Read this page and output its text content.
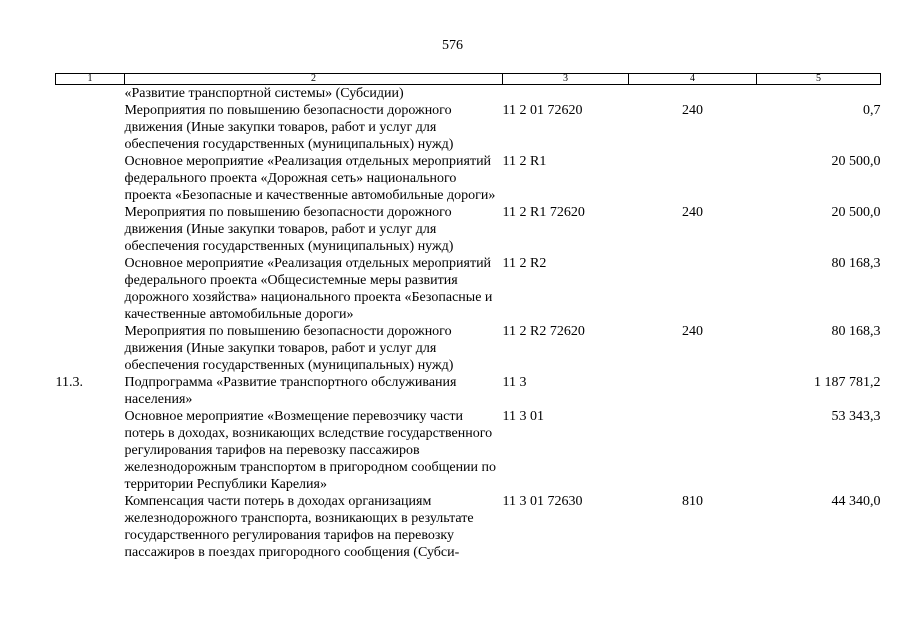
576
1	2	3	4	5
	«Развитие транспортной системы» (Субсидии)			
	Мероприятия по повышению безопасности дорожного движения (Иные закупки товаров, работ и услуг для обеспечения государственных (муниципальных) нужд)	11 2 01 72620	240	0,7
	Основное мероприятие «Реализация отдельных мероприятий федерального проекта «Дорожная сеть» национального проекта «Безопасные и качественные автомобильные дороги»	11 2 R1		20 500,0
	Мероприятия по повышению безопасности дорожного движения (Иные закупки товаров, работ и услуг для обеспечения государственных (муниципальных) нужд)	11 2 R1 72620	240	20 500,0
	Основное мероприятие «Реализация отдельных мероприятий федерального проекта «Общесистемные меры развития дорожного хозяйства» национального проекта «Безопасные и качественные автомобильные дороги»	11 2 R2		80 168,3
	Мероприятия по повышению безопасности дорожного движения (Иные закупки товаров, работ и услуг для обеспечения государственных (муниципальных) нужд)	11 2 R2 72620	240	80 168,3
11.3.	Подпрограмма «Развитие транспортного обслуживания населения»	11 3		1 187 781,2
	Основное мероприятие «Возмещение перевозчику части потерь в доходах, возникающих вследствие государственного регулирования тарифов на перевозку пассажиров железнодорожным транспортом в пригородном сообщении по территории Республики Карелия»	11 3 01		53 343,3
	Компенсация части потерь в доходах организациям железнодорожного транспорта, возникающих в результате государственного регулирования тарифов на перевозку пассажиров в поездах пригородного сообщения (Субси-	11 3 01 72630	810	44 340,0
